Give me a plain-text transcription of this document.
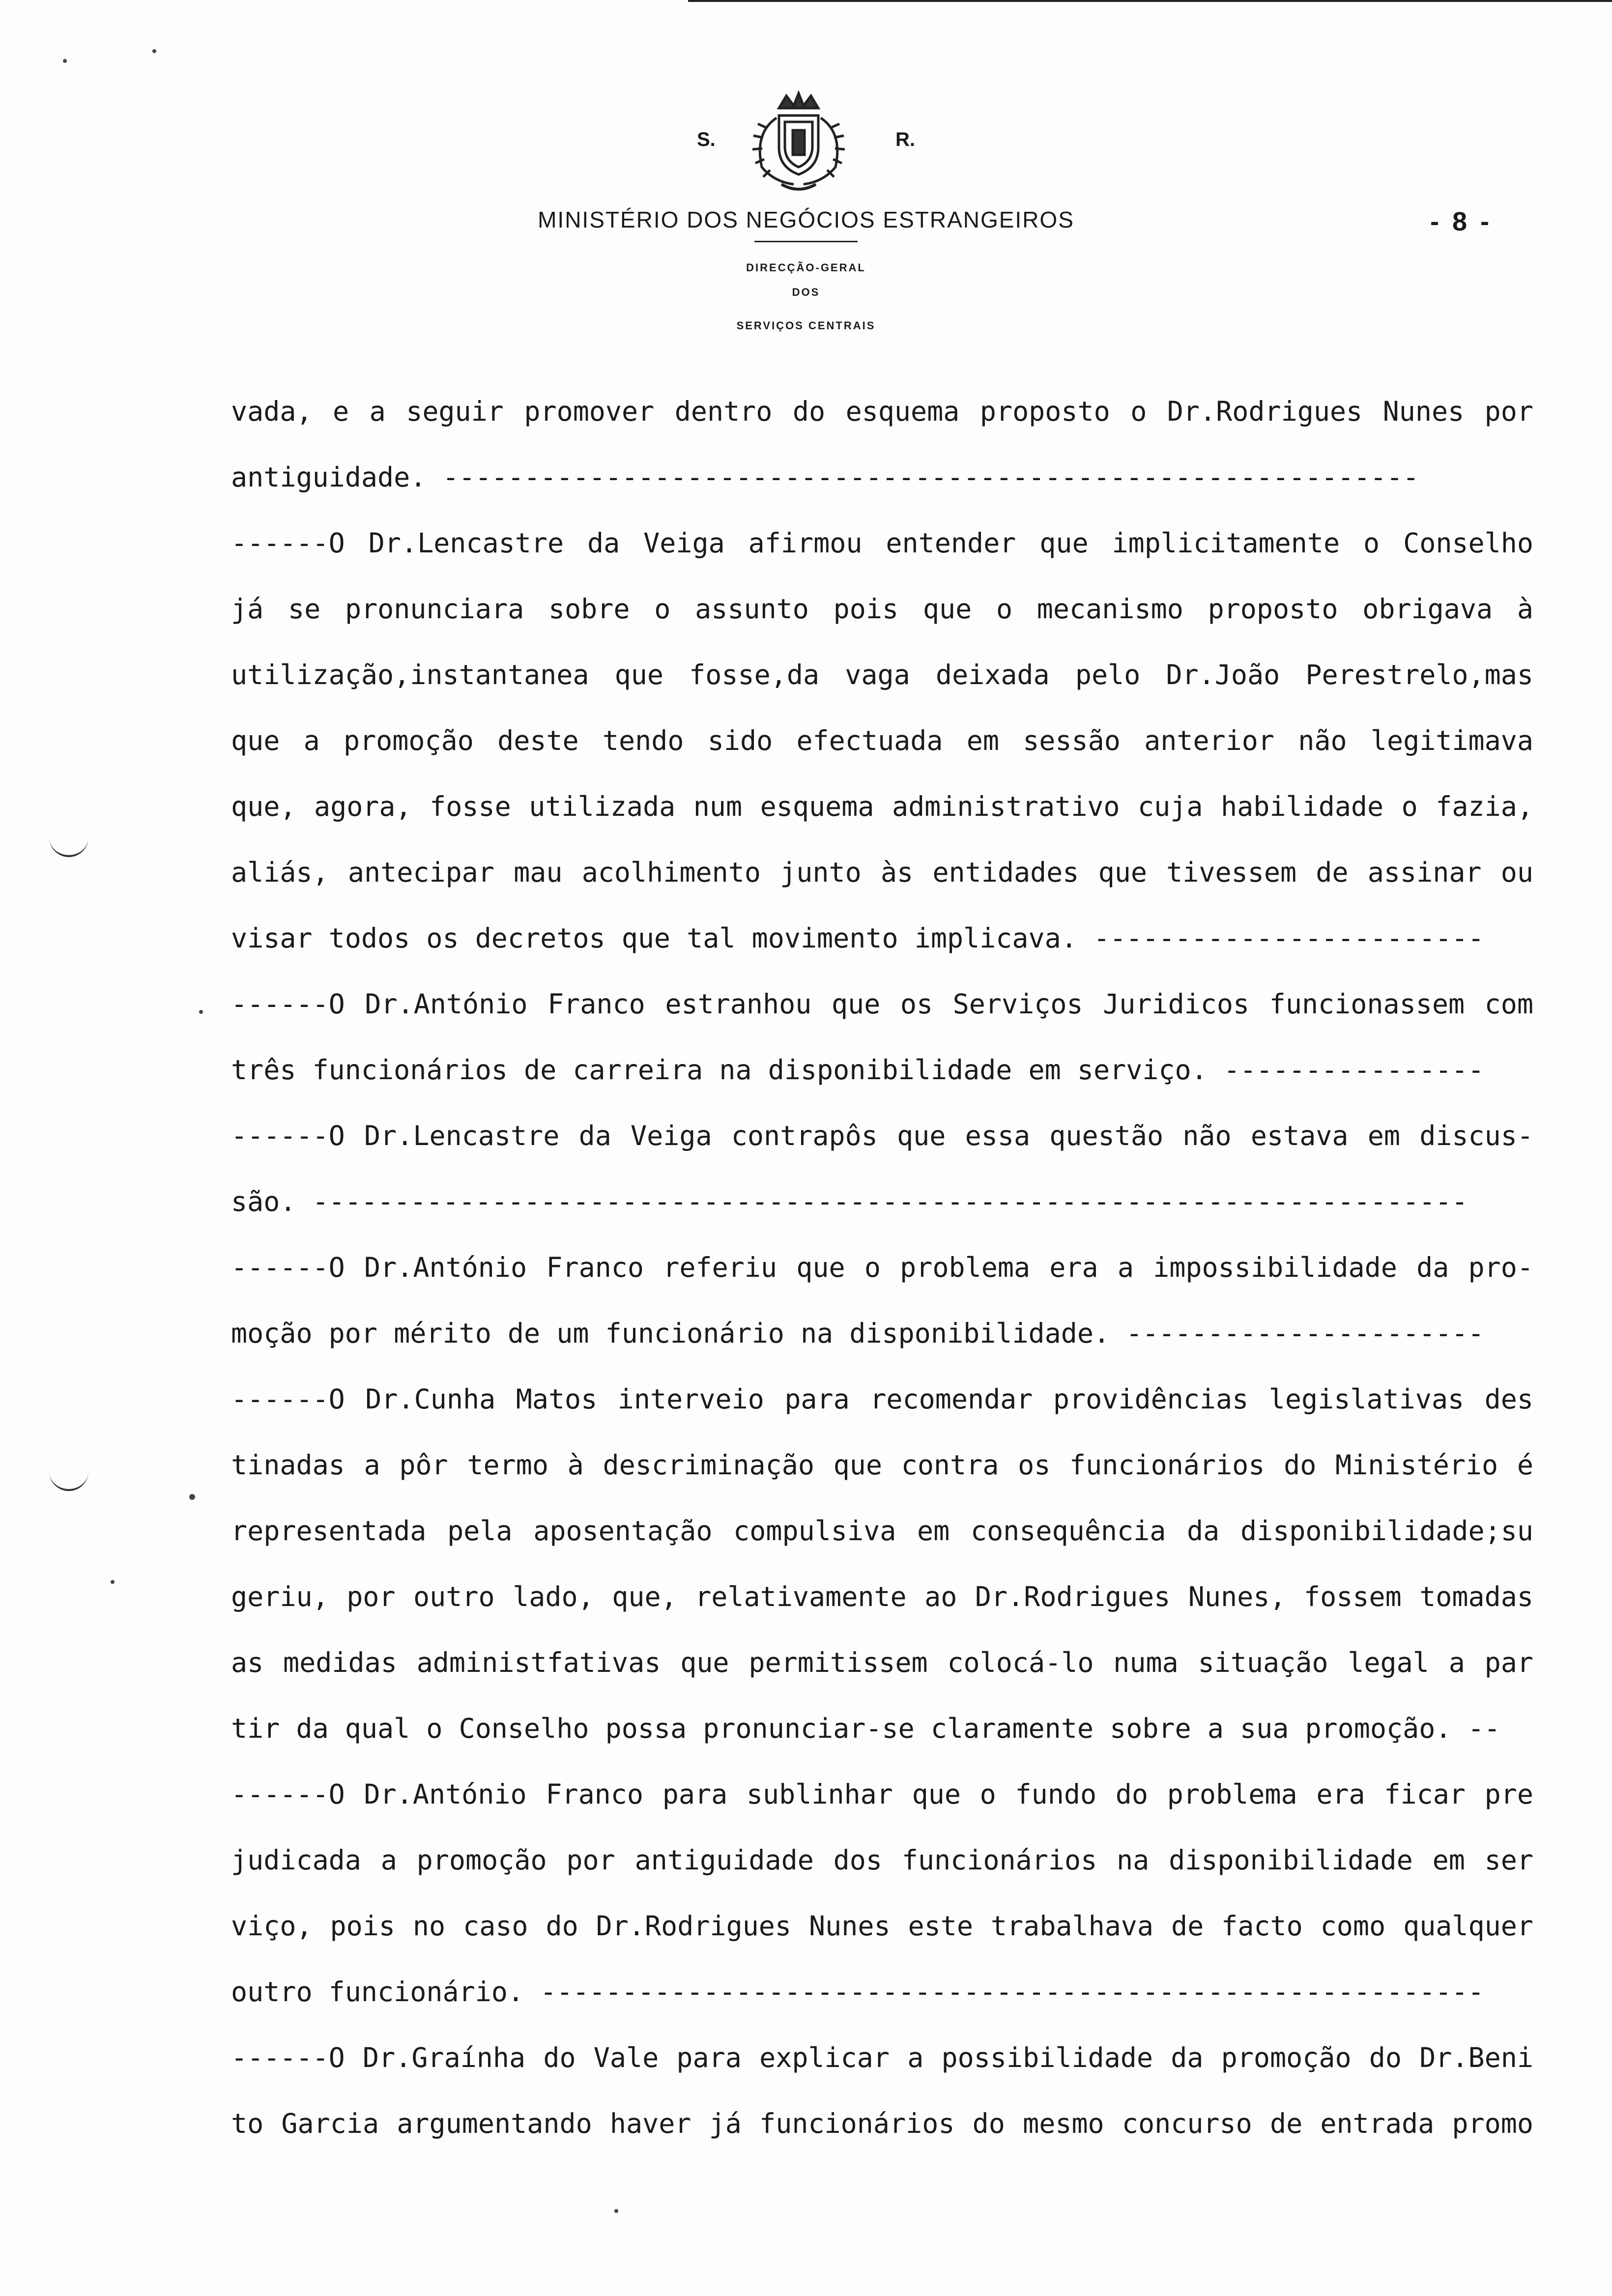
S.	R.
MINISTÉRIO DOS NEGÓCIOS ESTRANGEIROS
DIRECÇÃO-GERAL
DOS
SERVIÇOS CENTRAIS
- 8 -
vada, e a seguir promover dentro do esquema proposto o Dr.Rodrigues Nunes por
antiguidade. ------------------------------------------------------------
------O Dr.Lencastre da Veiga afirmou entender que implicitamente o Conselho
já se pronunciara sobre o assunto pois que o mecanismo proposto obrigava à
utilização,instantanea que fosse,da vaga deixada pelo Dr.João Perestrelo,mas
que a promoção deste tendo sido efectuada em sessão anterior não legitimava
que, agora, fosse utilizada num esquema administrativo cuja habilidade o fazia,
aliás, antecipar mau acolhimento junto às entidades que tivessem de assinar ou
visar todos os decretos que tal movimento implicava. ------------------------
------O Dr.António Franco estranhou que os Serviços Juridicos funcionassem com
três funcionários de carreira na disponibilidade em serviço. ----------------
------O Dr.Lencastre da Veiga contrapôs que essa questão não estava em discus-
são. -----------------------------------------------------------------------
------O Dr.António Franco referiu que o problema era a impossibilidade da pro-
moção por mérito de um funcionário na disponibilidade. ----------------------
------O Dr.Cunha Matos interveio para recomendar providências legislativas des
tinadas a pôr termo à descriminação que contra os funcionários do Ministério é
representada pela aposentação compulsiva em consequência da disponibilidade;su
geriu, por outro lado, que, relativamente ao Dr.Rodrigues Nunes, fossem tomadas
as medidas administfativas que permitissem colocá-lo numa situação legal a par
tir da qual o Conselho possa pronunciar-se claramente sobre a sua promoção. --
------O Dr.António Franco para sublinhar que o fundo do problema era ficar pre
judicada a promoção por antiguidade dos funcionários na disponibilidade em ser
viço, pois no caso do Dr.Rodrigues Nunes este trabalhava de facto como qualquer
outro funcionário. ----------------------------------------------------------
------O Dr.Graínha do Vale para explicar a possibilidade da promoção do Dr.Beni
to Garcia argumentando haver já funcionários do mesmo concurso de entrada promo
